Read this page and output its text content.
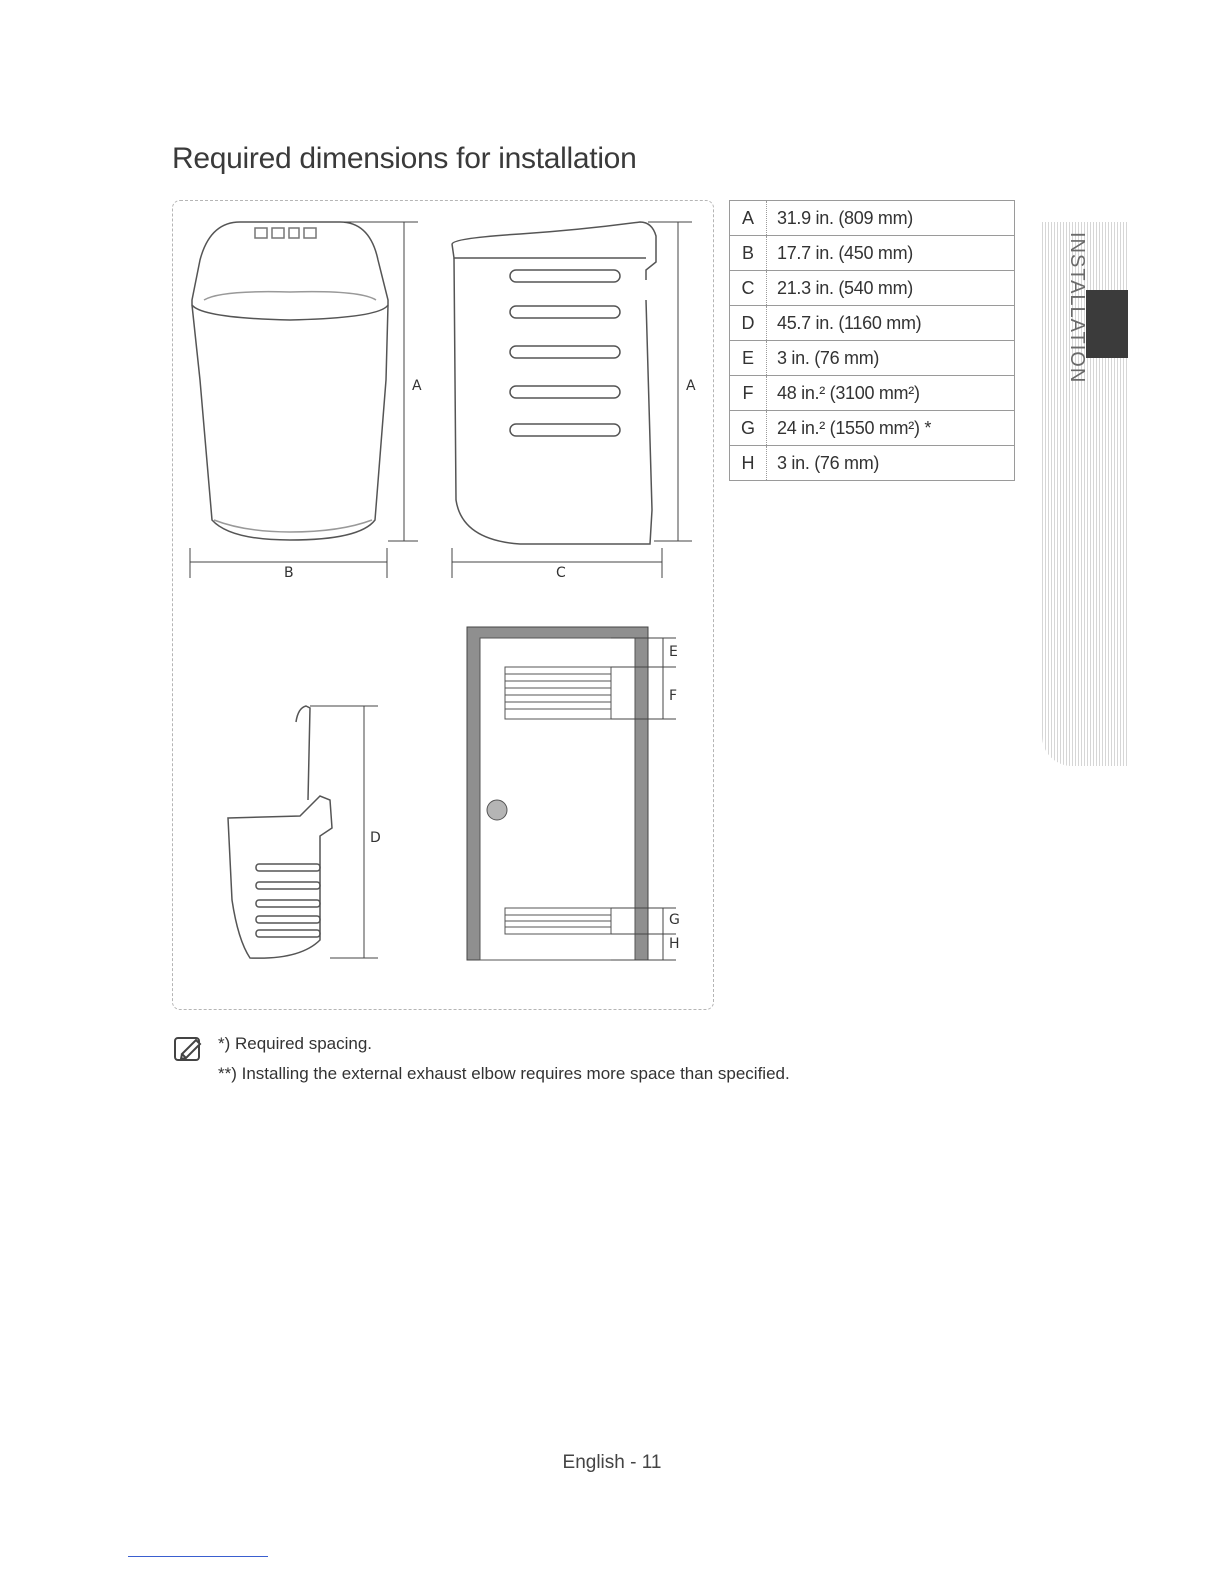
Required dimensions for installation
A
B
A
C
D
E
F
G
H
A	31.9 in. (809 mm)
B	17.7 in. (450 mm)
C	21.3 in. (540 mm)
D	45.7 in. (1160 mm)
E	3 in. (76 mm)
F	48 in.² (3100 mm²)
G	24 in.² (1550 mm²) *
H	3 in. (76 mm)
INSTALLATION
*) Required spacing.
**) Installing the external exhaust elbow requires more space than specified.
English - 11
